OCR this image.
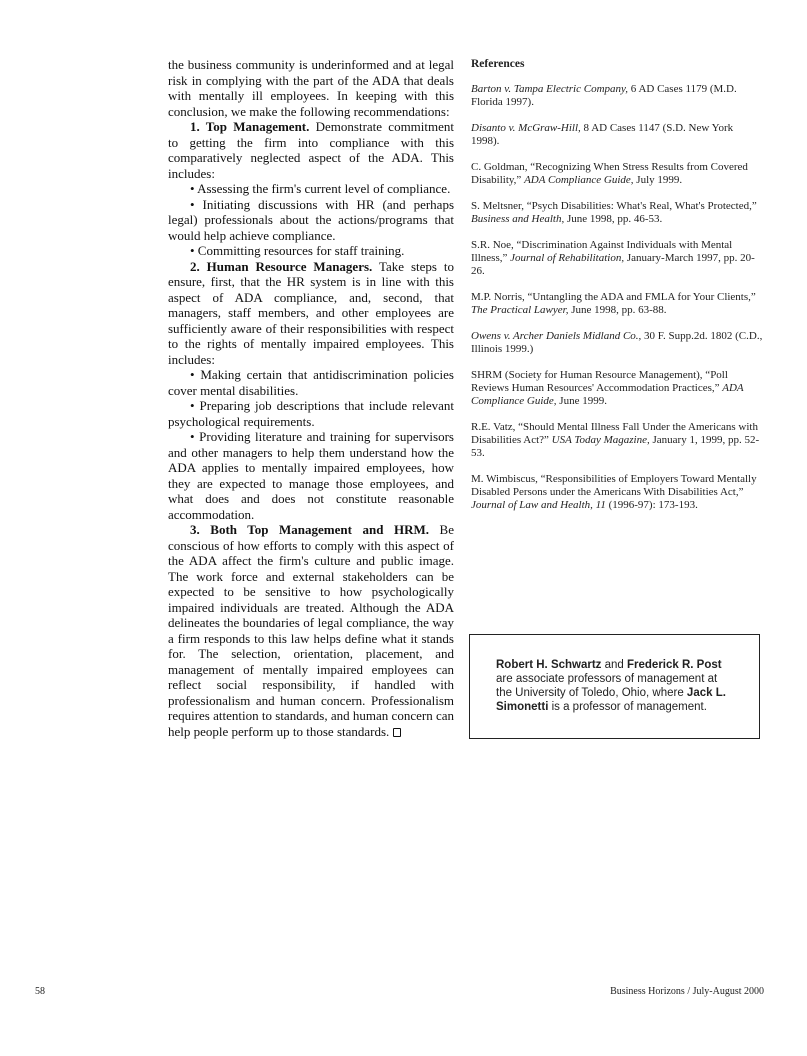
the business community is underinformed and at legal risk in complying with the part of the ADA that deals with mentally ill employees. In keeping with this conclusion, we make the following recommendations:

1. Top Management. Demonstrate commitment to getting the firm into compliance with this comparatively neglected aspect of the ADA. This includes:

• Assessing the firm's current level of compliance.

• Initiating discussions with HR (and perhaps legal) professionals about the actions/programs that would help achieve compliance.

• Committing resources for staff training.

2. Human Resource Managers. Take steps to ensure, first, that the HR system is in line with this aspect of ADA compliance, and, second, that managers, staff members, and other employees are sufficiently aware of their responsibilities with respect to the rights of mentally impaired employees. This includes:

• Making certain that antidiscrimination policies cover mental disabilities.

• Preparing job descriptions that include relevant psychological requirements.

• Providing literature and training for supervisors and other managers to help them understand how the ADA applies to mentally impaired employees, how they are expected to manage those employees, and what does and does not constitute reasonable accommodation.

3. Both Top Management and HRM. Be conscious of how efforts to comply with this aspect of the ADA affect the firm's culture and public image. The work force and external stakeholders can be expected to be sensitive to how psychologically impaired individuals are treated. Although the ADA delineates the boundaries of legal compliance, the way a firm responds to this law helps define what it stands for. The selection, orientation, placement, and management of mentally impaired employees can reflect social responsibility, if handled with professionalism and human concern. Professionalism requires attention to standards, and human concern can help people perform up to those standards.

References

Barton v. Tampa Electric Company, 6 AD Cases 1179 (M.D. Florida 1997).

Disanto v. McGraw-Hill, 8 AD Cases 1147 (S.D. New York 1998).

C. Goldman, “Recognizing When Stress Results from Covered Disability,” ADA Compliance Guide, July 1999.

S. Meltsner, “Psych Disabilities: What's Real, What's Protected,” Business and Health, June 1998, pp. 46-53.

S.R. Noe, “Discrimination Against Individuals with Mental Illness,” Journal of Rehabilitation, January-March 1997, pp. 20-26.

M.P. Norris, “Untangling the ADA and FMLA for Your Clients,” The Practical Lawyer, June 1998, pp. 63-88.

Owens v. Archer Daniels Midland Co., 30 F. Supp.2d. 1802 (C.D., Illinois 1999.)

SHRM (Society for Human Resource Management), “Poll Reviews Human Resources' Accommodation Practices,” ADA Compliance Guide, June 1999.

R.E. Vatz, “Should Mental Illness Fall Under the Americans with Disabilities Act?” USA Today Magazine, January 1, 1999, pp. 52-53.

M. Wimbiscus, “Responsibilities of Employers Toward Mentally Disabled Persons under the Americans With Disabilities Act,” Journal of Law and Health, 11 (1996-97): 173-193.

Robert H. Schwartz and Frederick R. Post are associate professors of management at the University of Toledo, Ohio, where Jack L. Simonetti is a professor of management.
58	Business Horizons / July-August 2000
